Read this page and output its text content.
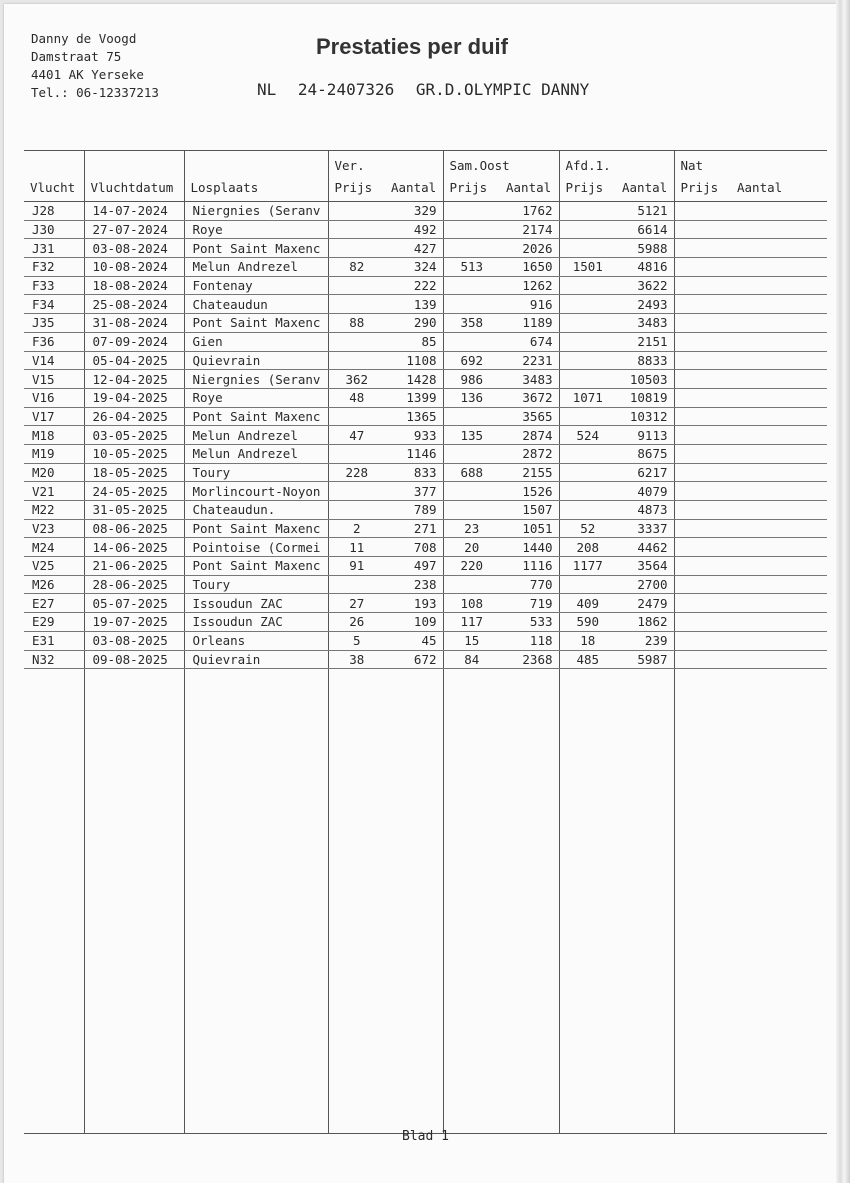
Danny de Voogd
Damstraat 75
4401 AK Yerseke
Tel.: 06-12337213
Prestaties per duif
NL 24-2407326 GR.D.OLYMPIC DANNY
			Ver.		Sam.Oost		Afd.1.		Nat	
Vlucht	Vluchtdatum	Losplaats	Prijs	Aantal	Prijs	Aantal	Prijs	Aantal	Prijs	Aantal
J28	14-07-2024	Niergnies (Seranv		329		1762		5121		
J30	27-07-2024	Roye		492		2174		6614		
J31	03-08-2024	Pont Saint Maxenc		427		2026		5988		
F32	10-08-2024	Melun Andrezel	82	324	513	1650	1501	4816		
F33	18-08-2024	Fontenay		222		1262		3622		
F34	25-08-2024	Chateaudun		139		916		2493		
J35	31-08-2024	Pont Saint Maxenc	88	290	358	1189		3483		
F36	07-09-2024	Gien		85		674		2151		
V14	05-04-2025	Quievrain		1108	692	2231		8833		
V15	12-04-2025	Niergnies (Seranv	362	1428	986	3483		10503		
V16	19-04-2025	Roye	48	1399	136	3672	1071	10819		
V17	26-04-2025	Pont Saint Maxenc		1365		3565		10312		
M18	03-05-2025	Melun Andrezel	47	933	135	2874	524	9113		
M19	10-05-2025	Melun Andrezel		1146		2872		8675		
M20	18-05-2025	Toury	228	833	688	2155		6217		
V21	24-05-2025	Morlincourt-Noyon		377		1526		4079		
M22	31-05-2025	Chateaudun.		789		1507		4873		
V23	08-06-2025	Pont Saint Maxenc	2	271	23	1051	52	3337		
M24	14-06-2025	Pointoise (Cormei	11	708	20	1440	208	4462		
V25	21-06-2025	Pont Saint Maxenc	91	497	220	1116	1177	3564		
M26	28-06-2025	Toury		238		770		2700		
E27	05-07-2025	Issoudun ZAC	27	193	108	719	409	2479		
E29	19-07-2025	Issoudun ZAC	26	109	117	533	590	1862		
E31	03-08-2025	Orleans	5	45	15	118	18	239		
N32	09-08-2025	Quievrain	38	672	84	2368	485	5987		

Blad 1
